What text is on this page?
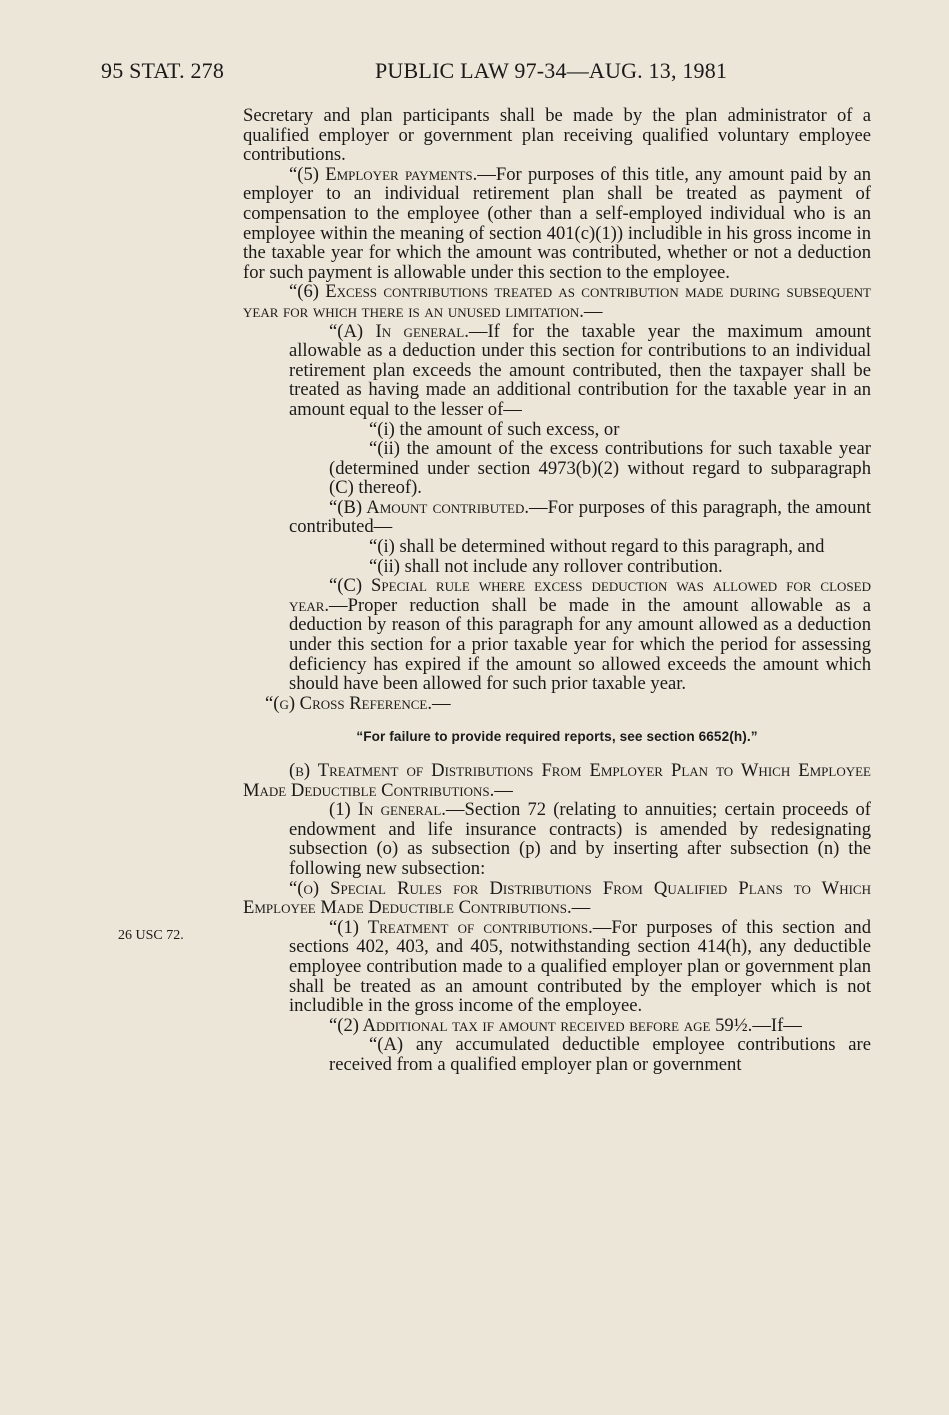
95 STAT. 278	PUBLIC LAW 97-34—AUG. 13, 1981
26 USC 72.

Secretary and plan participants shall be made by the plan administrator of a qualified employer or government plan receiving qualified voluntary employee contributions.

“(5) Employer payments.—For purposes of this title, any amount paid by an employer to an individual retirement plan shall be treated as payment of compensation to the employee (other than a self-employed individual who is an employee within the meaning of section 401(c)(1)) includible in his gross income in the taxable year for which the amount was contributed, whether or not a deduction for such payment is allowable under this section to the employee.

“(6) Excess contributions treated as contribution made during subsequent year for which there is an unused limitation.—

“(A) In general.—If for the taxable year the maximum amount allowable as a deduction under this section for contributions to an individual retirement plan exceeds the amount contributed, then the taxpayer shall be treated as having made an additional contribution for the taxable year in an amount equal to the lesser of—

“(i) the amount of such excess, or

“(ii) the amount of the excess contributions for such taxable year (determined under section 4973(b)(2) without regard to subparagraph (C) thereof).

“(B) Amount contributed.—For purposes of this paragraph, the amount contributed—

“(i) shall be determined without regard to this paragraph, and

“(ii) shall not include any rollover contribution.

“(C) Special rule where excess deduction was allowed for closed year.—Proper reduction shall be made in the amount allowable as a deduction by reason of this paragraph for any amount allowed as a deduction under this section for a prior taxable year for which the period for assessing deficiency has expired if the amount so allowed exceeds the amount which should have been allowed for such prior taxable year.

“(g) Cross Reference.—

“For failure to provide required reports, see section 6652(h).”

(b) Treatment of Distributions From Employer Plan to Which Employee Made Deductible Contributions.—

(1) In general.—Section 72 (relating to annuities; certain proceeds of endowment and life insurance contracts) is amended by redesignating subsection (o) as subsection (p) and by inserting after subsection (n) the following new subsection:

“(o) Special Rules for Distributions From Qualified Plans to Which Employee Made Deductible Contributions.—

“(1) Treatment of contributions.—For purposes of this section and sections 402, 403, and 405, notwithstanding section 414(h), any deductible employee contribution made to a qualified employer plan or government plan shall be treated as an amount contributed by the employer which is not includible in the gross income of the employee.

“(2) Additional tax if amount received before age 59½.—If—

“(A) any accumulated deductible employee contributions are received from a qualified employer plan or government
